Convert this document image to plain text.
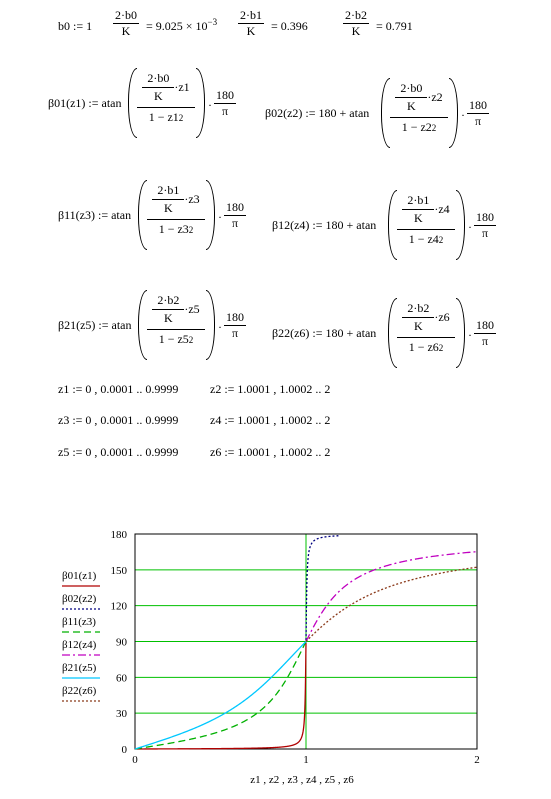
b0 := 1
2·b0
$K = 9.025 \times 10^{-3}$ 2·b1
K = 0.396
2·b2
K = 0.791
β01(z1) := atan
2·b0
K
·z1
1 − z1 2
·
180
π	β02(z2) := 180 + atan
2·b0
K
·z2
1 − z2 2
·
180
π
β11(z3) := atan
2·b1
K
·z3
1 − z3 2
·
180
π	β12(z4) := 180 + atan
2·b1
K
·z4
1 − z4 2
·
180
π
β21(z5) := atan
2·b2
K
·z5
1 − z5 2
·
180
π	β22(z6) := 180 + atan
2·b2
K
·z6
1 − z6 2
·
180
π
z1 := 0 , 0.0001 .. 0.9999	z2 := 1.0001 , 1.0002 .. 2
z3 := 0 , 0.0001 .. 0.9999	z4 := 1.0001 , 1.0002 .. 2
z5 := 0 , 0.0001 .. 0.9999	z6 := 1.0001 , 1.0002 .. 2
0
30
60
90
120
150
180
0	1	2
z1 , z2 , z3 , z4 , z5 , z6
β01(z1)
β02(z2)
β11(z3)
β12(z4)
β21(z5)
β22(z6)
